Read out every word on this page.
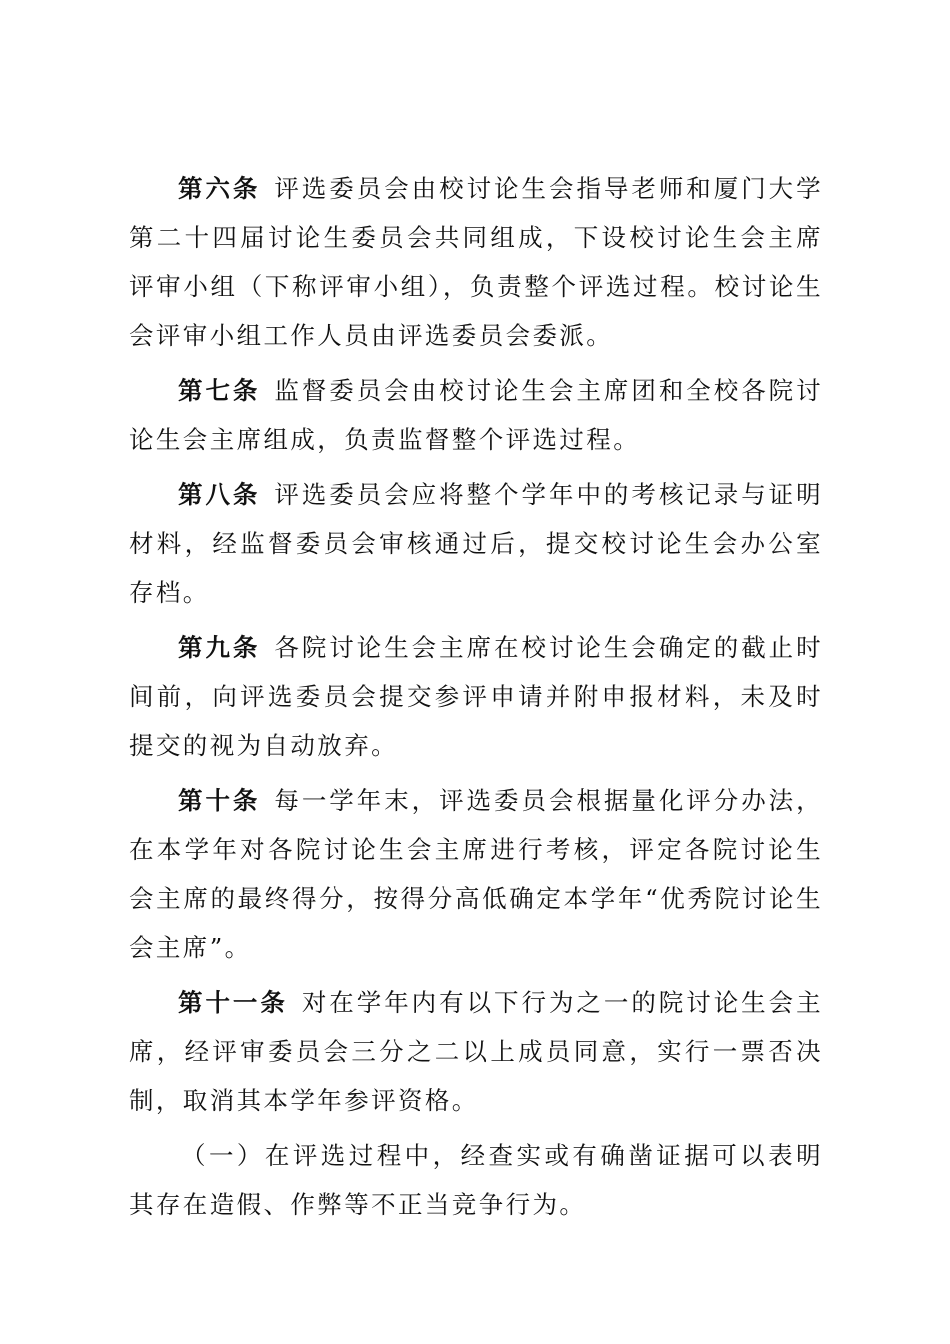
第六条 评选委员会由校讨论生会指导老师和厦门大学第二十四届讨论生委员会共同组成，下设校讨论生会主席评审小组（下称评审小组），负责整个评选过程。校讨论生会评审小组工作人员由评选委员会委派。

第七条 监督委员会由校讨论生会主席团和全校各院讨论生会主席组成，负责监督整个评选过程。

第八条 评选委员会应将整个学年中的考核记录与证明材料，经监督委员会审核通过后，提交校讨论生会办公室存档。

第九条 各院讨论生会主席在校讨论生会确定的截止时间前，向评选委员会提交参评申请并附申报材料，未及时提交的视为自动放弃。

第十条 每一学年末，评选委员会根据量化评分办法，在本学年对各院讨论生会主席进行考核，评定各院讨论生会主席的最终得分，按得分高低确定本学年“优秀院讨论生会主席”。

第十一条 对在学年内有以下行为之一的院讨论生会主席，经评审委员会三分之二以上成员同意，实行一票否决制，取消其本学年参评资格。

（一）在评选过程中，经查实或有确凿证据可以表明其存在造假、作弊等不正当竞争行为。
